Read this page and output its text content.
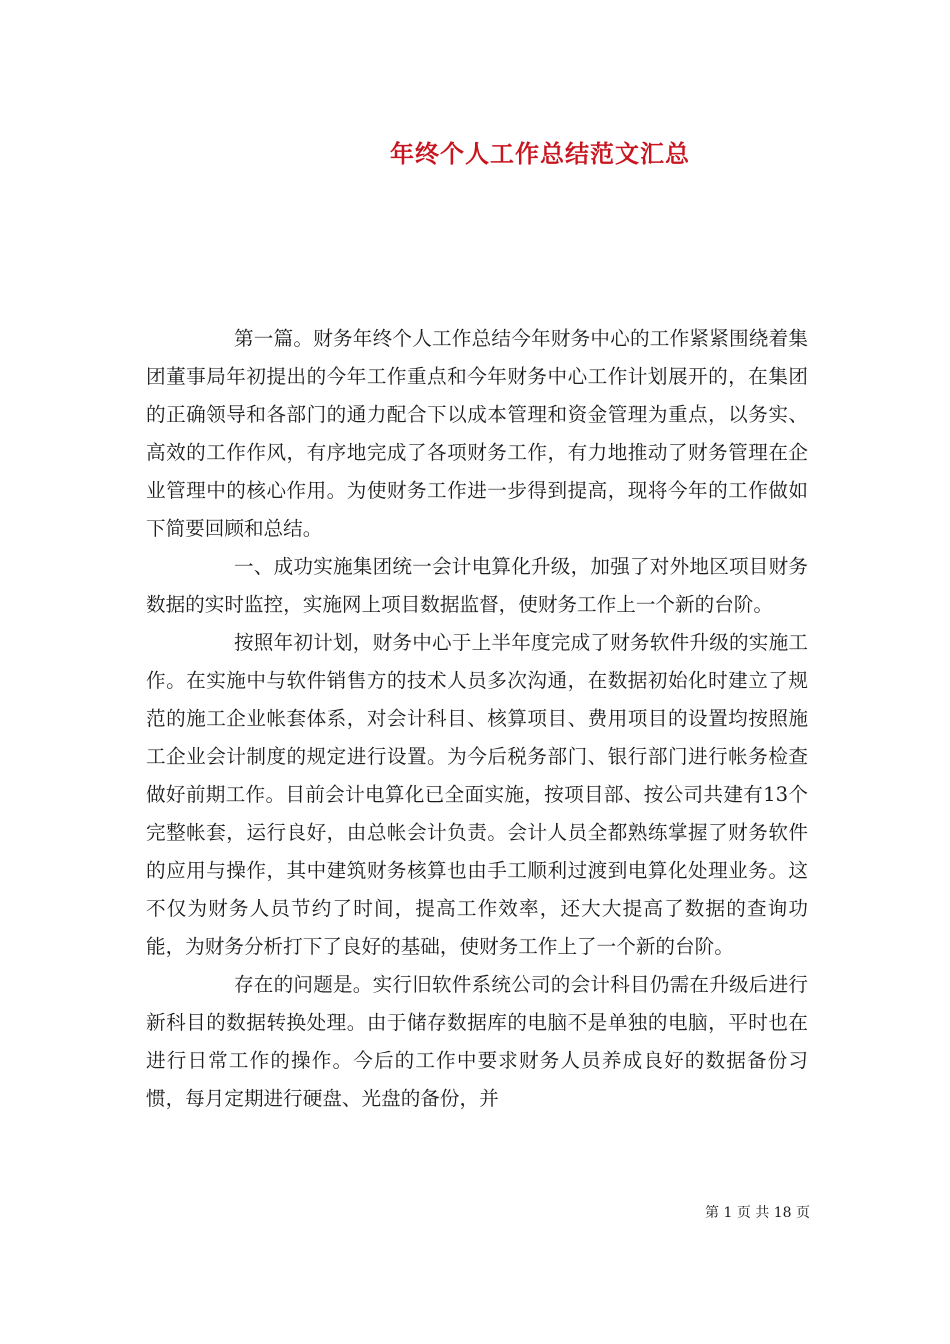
年终个人工作总结范文汇总

第一篇。财务年终个人工作总结今年财务中心的工作紧紧围绕着集团董事局年初提出的今年工作重点和今年财务中心工作计划展开的，在集团的正确领导和各部门的通力配合下以成本管理和资金管理为重点，以务实、高效的工作作风，有序地完成了各项财务工作，有力地推动了财务管理在企业管理中的核心作用。为使财务工作进一步得到提高，现将今年的工作做如下简要回顾和总结。

一、成功实施集团统一会计电算化升级，加强了对外地区项目财务数据的实时监控，实施网上项目数据监督，使财务工作上一个新的台阶。

按照年初计划，财务中心于上半年度完成了财务软件升级的实施工作。在实施中与软件销售方的技术人员多次沟通，在数据初始化时建立了规范的施工企业帐套体系，对会计科目、核算项目、费用项目的设置均按照施工企业会计制度的规定进行设置。为今后税务部门、银行部门进行帐务检查做好前期工作。目前会计电算化已全面实施，按项目部、按公司共建有13个完整帐套，运行良好，由总帐会计负责。会计人员全都熟练掌握了财务软件的应用与操作，其中建筑财务核算也由手工顺利过渡到电算化处理业务。这不仅为财务人员节约了时间，提高工作效率，还大大提高了数据的查询功能，为财务分析打下了良好的基础，使财务工作上了一个新的台阶。

存在的问题是。实行旧软件系统公司的会计科目仍需在升级后进行新科目的数据转换处理。由于储存数据库的电脑不是单独的电脑，平时也在进行日常工作的操作。今后的工作中要求财务人员养成良好的数据备份习惯，每月定期进行硬盘、光盘的备份，并

第 1 页 共 18 页
